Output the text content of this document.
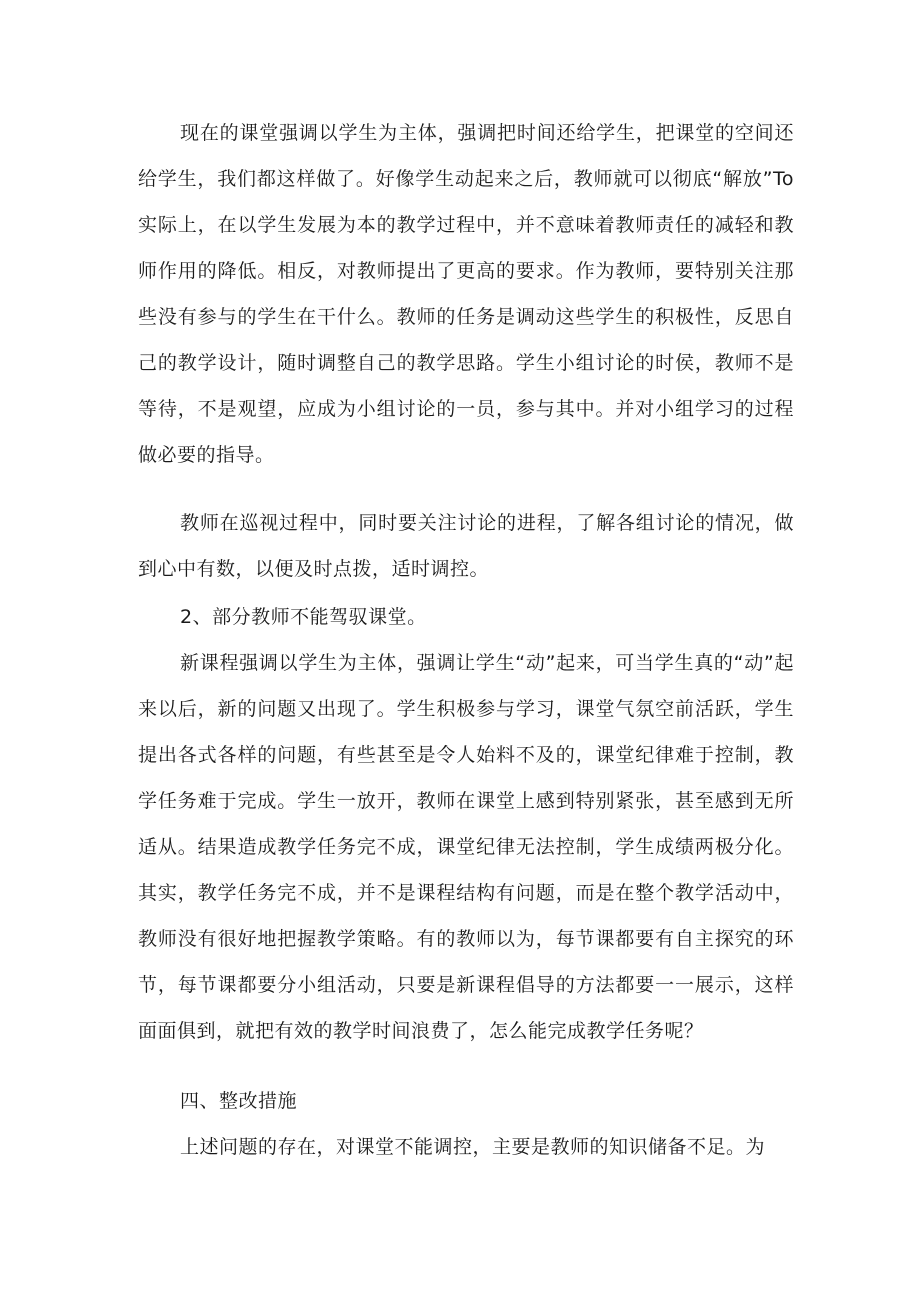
现在的课堂强调以学生为主体，强调把时间还给学生，把课堂的空间还给学生，我们都这样做了。好像学生动起来之后，教师就可以彻底“解放”To实际上，在以学生发展为本的教学过程中，并不意味着教师责任的减轻和教师作用的降低。相反，对教师提出了更高的要求。作为教师，要特别关注那些没有参与的学生在干什么。教师的任务是调动这些学生的积极性，反思自己的教学设计，随时调整自己的教学思路。学生小组讨论的时侯，教师不是等待，不是观望，应成为小组讨论的一员，参与其中。并对小组学习的过程做必要的指导。

教师在巡视过程中，同时要关注讨论的进程，了解各组讨论的情况，做到心中有数，以便及时点拨，适时调控。

2、部分教师不能驾驭课堂。

新课程强调以学生为主体，强调让学生“动”起来，可当学生真的“动”起来以后，新的问题又出现了。学生积极参与学习，课堂气氛空前活跃，学生提出各式各样的问题，有些甚至是令人始料不及的，课堂纪律难于控制，教学任务难于完成。学生一放开，教师在课堂上感到特别紧张，甚至感到无所适从。结果造成教学任务完不成，课堂纪律无法控制，学生成绩两极分化。其实，教学任务完不成，并不是课程结构有问题，而是在整个教学活动中，教师没有很好地把握教学策略。有的教师以为，每节课都要有自主探究的环节，每节课都要分小组活动，只要是新课程倡导的方法都要一一展示，这样面面俱到，就把有效的教学时间浪费了，怎么能完成教学任务呢？

四、整改措施

上述问题的存在，对课堂不能调控，主要是教师的知识储备不足。为
